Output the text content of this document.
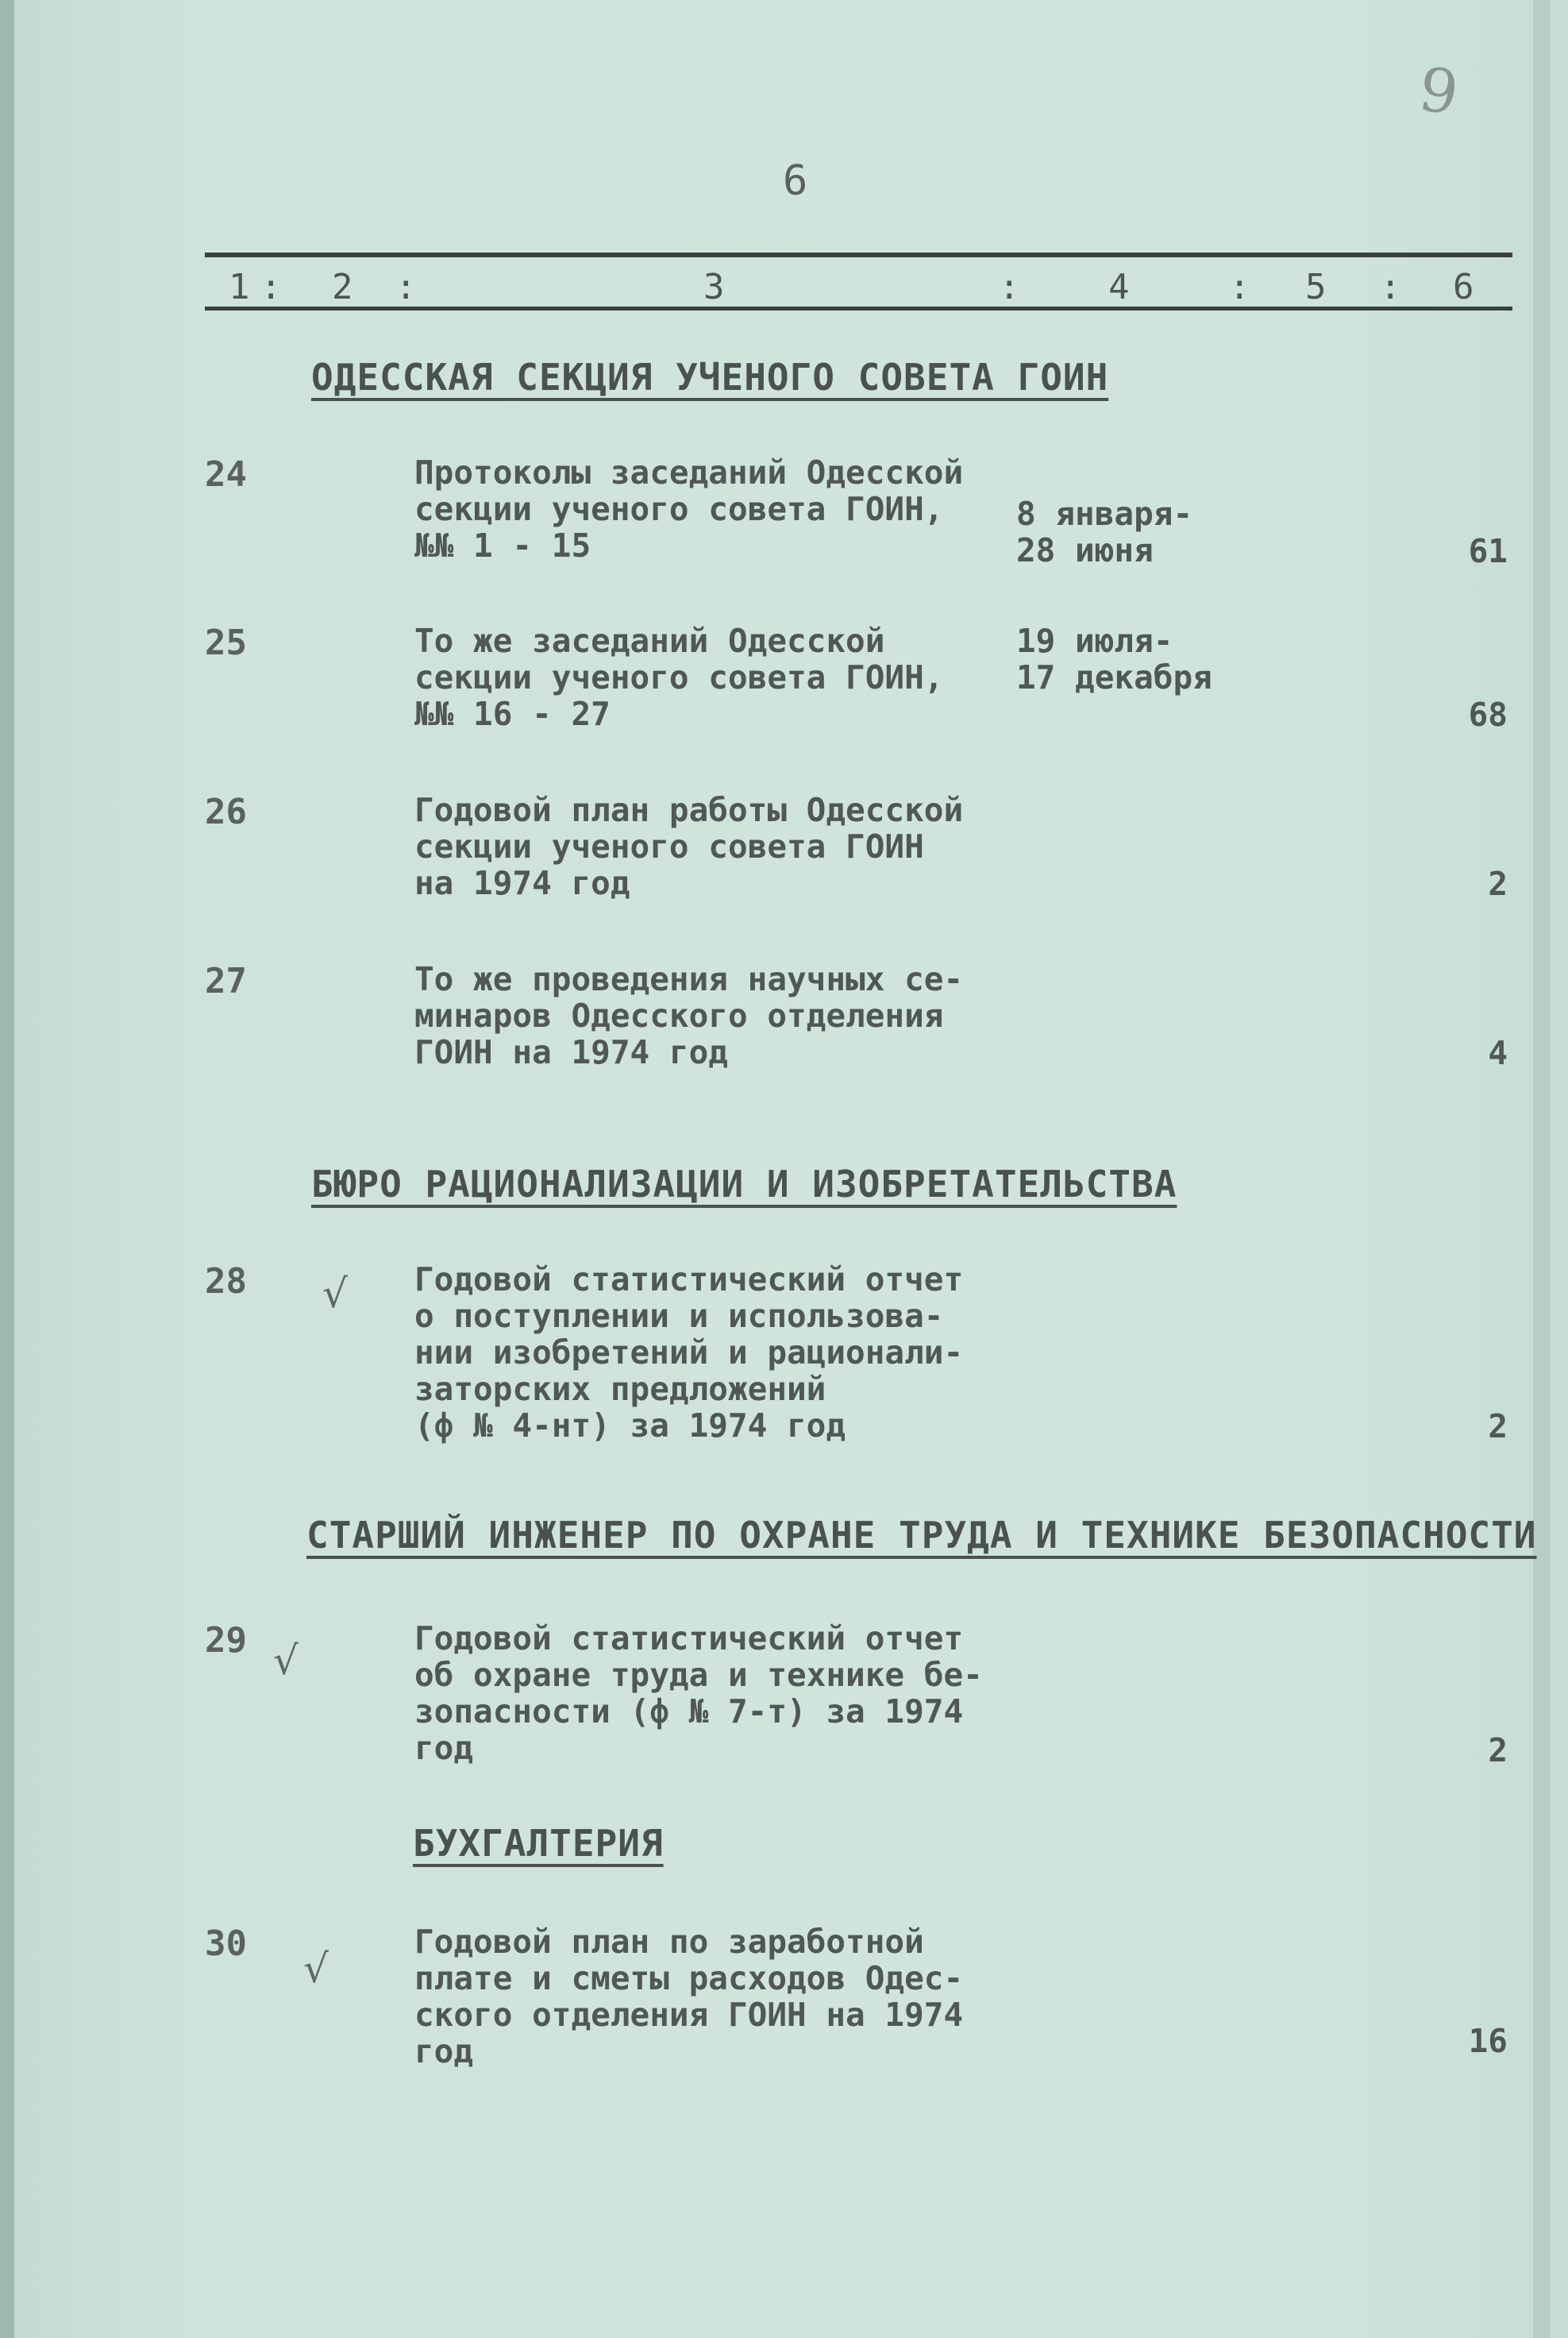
9
6
1 : 2 :	3	: 4	: 5 : 6
ОДЕССКАЯ СЕКЦИЯ УЧЕНОГО СОВЕТА ГОИН
24	Протоколы заседаний Одесской
секции ученого совета ГОИН,
№№ 1 - 15
8 января-
28 июня	61
25	То же заседаний Одесской
секции ученого совета ГОИН,
№№ 16 - 27
19 июля-
17 декабря
68
26	Годовой план работы Одесской
секции ученого совета ГОИН
на 1974 год	2
27	То же проведения научных се-
минаров Одесского отделения
ГОИН на 1974 год	4
БЮРО РАЦИОНАЛИЗАЦИИ И ИЗОБРЕТАТЕЛЬСТВА
28 √ Годовой статистический отчет
о поступлении и использова-
нии изобретений и рационали-
заторских предложений
(ф № 4-нт) за 1974 год	2
СТАРШИЙ ИНЖЕНЕР ПО ОХРАНЕ ТРУДА И ТЕХНИКЕ БЕЗОПАСНОСТИ
29 √	Годовой статистический отчет
об охране труда и технике бе-
зопасности (ф № 7-т) за 1974
год	2
БУХГАЛТЕРИЯ
30
√
Годовой план по заработной
плате и сметы расходов Одес-
ского отделения ГОИН на 1974
год	16
